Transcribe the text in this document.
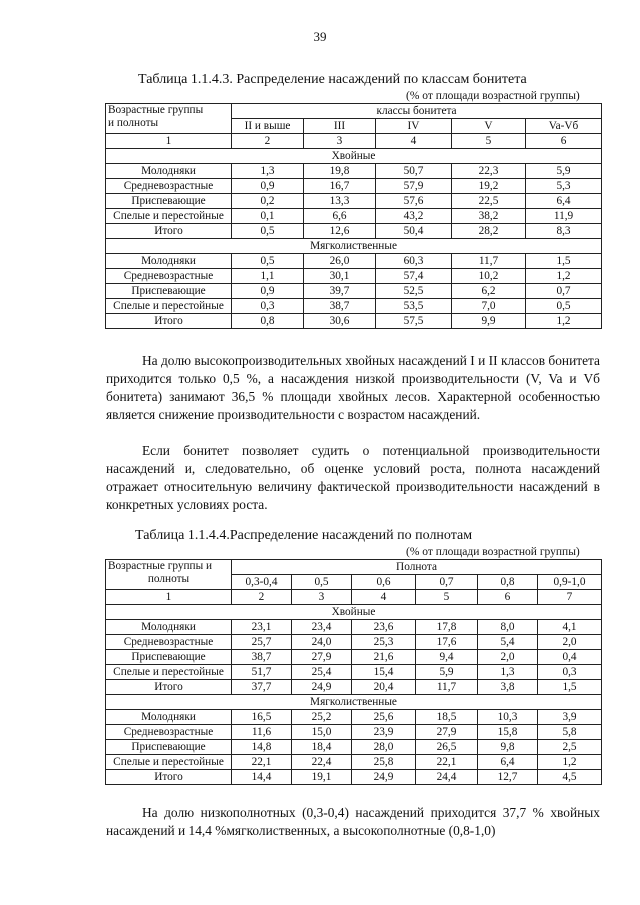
39
Таблица 1.1.4.3. Распределение насаждений по классам бонитета
(% от площади возрастной группы)
Возрастные группы
и полноты	классы бонитета				
	II и выше	III	IV	V	Va-Vб
1	2	3	4	5	6
Хвойные					
Молодняки	1,3	19,8	50,7	22,3	5,9
Средневозрастные	0,9	16,7	57,9	19,2	5,3
Приспевающие	0,2	13,3	57,6	22,5	6,4
Спелые и перестойные	0,1	6,6	43,2	38,2	11,9
Итого	0,5	12,6	50,4	28,2	8,3
Мягколиственные					
Молодняки	0,5	26,0	60,3	11,7	1,5
Средневозрастные	1,1	30,1	57,4	10,2	1,2
Приспевающие	0,9	39,7	52,5	6,2	0,7
Спелые и перестойные	0,3	38,7	53,5	7,0	0,5
Итого	0,8	30,6	57,5	9,9	1,2

На долю высокопроизводительных хвойных насаждений I и II классов бонитета приходится только 0,5 %, а насаждения низкой производительности (V, Va и Vб бонитета) занимают 36,5 % площади хвойных лесов. Характерной особенностью является снижение производительности с возрастом насаждений.

Если бонитет позволяет судить о потенциальной производительности насаждений и, следовательно, об оценке условий роста, полнота насаждений отражает относительную величину фактической производительности насаждений в конкретных условиях роста.

Таблица 1.1.4.4.Распределение насаждений по полнотам
(% от площади возрастной группы)
Возрастные группы и
полноты	Полнота					
	0,3-0,4	0,5	0,6	0,7	0,8	0,9-1,0
1	2	3	4	5	6	7
Хвойные						
Молодняки	23,1	23,4	23,6	17,8	8,0	4,1
Средневозрастные	25,7	24,0	25,3	17,6	5,4	2,0
Приспевающие	38,7	27,9	21,6	9,4	2,0	0,4
Спелые и перестойные	51,7	25,4	15,4	5,9	1,3	0,3
Итого	37,7	24,9	20,4	11,7	3,8	1,5
Мягколиственные						
Молодняки	16,5	25,2	25,6	18,5	10,3	3,9
Средневозрастные	11,6	15,0	23,9	27,9	15,8	5,8
Приспевающие	14,8	18,4	28,0	26,5	9,8	2,5
Спелые и перестойные	22,1	22,4	25,8	22,1	6,4	1,2
Итого	14,4	19,1	24,9	24,4	12,7	4,5

На долю низкополнотных (0,3-0,4) насаждений приходится 37,7 % хвойных насаждений и 14,4 %мягколиственных, а высокополнотные (0,8-1,0)
